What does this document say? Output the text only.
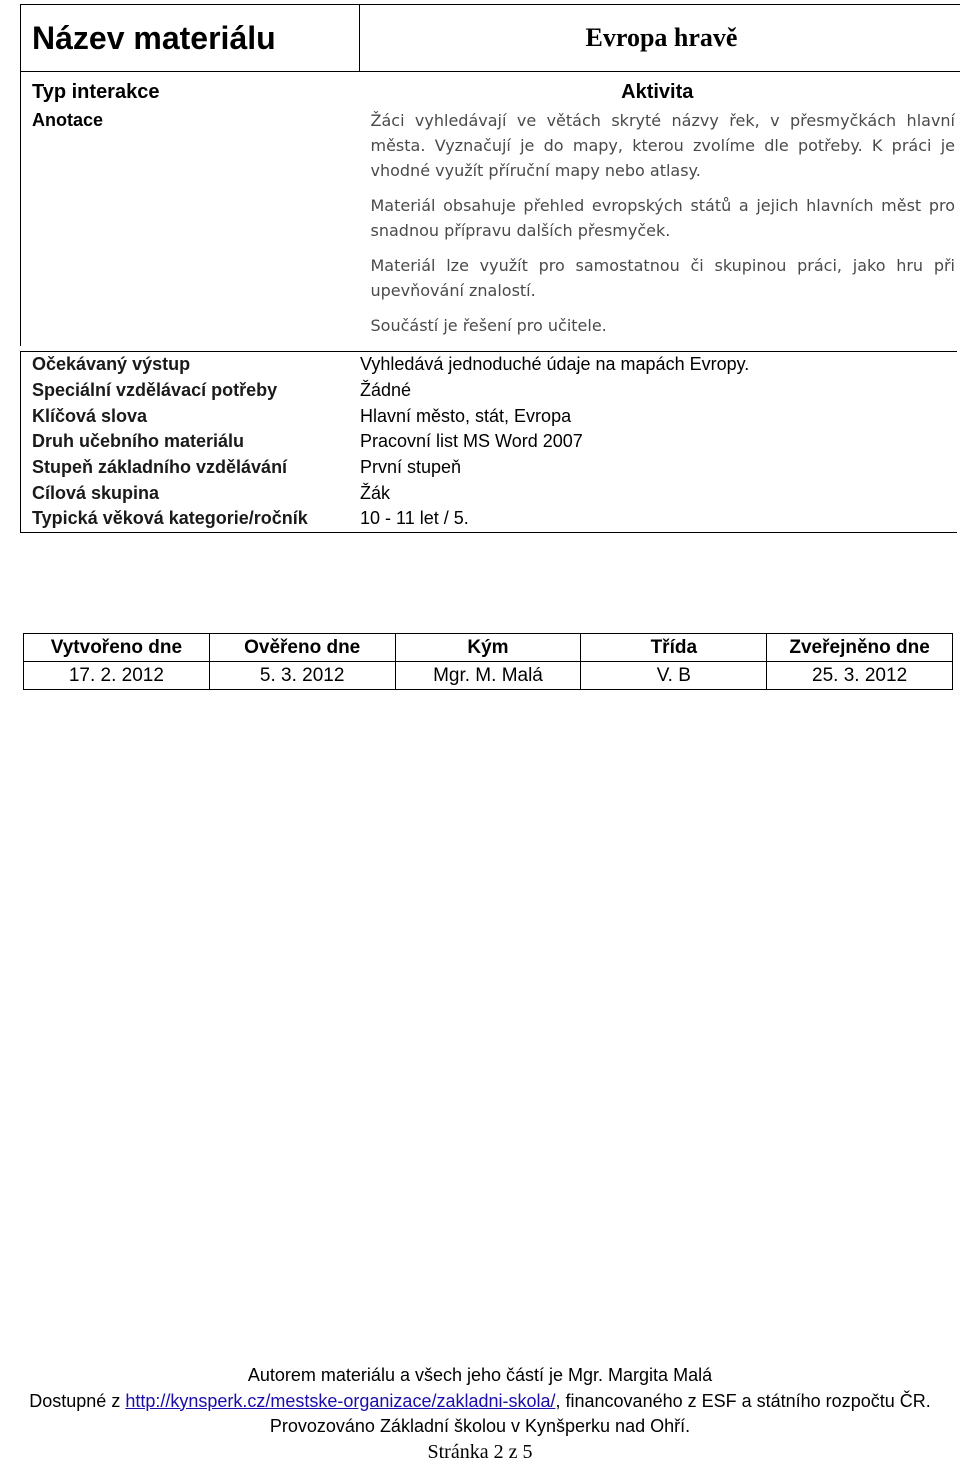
Název materiálu	Evropa hravě

Typ interakce	Aktivita

Anotace	Žáci vyhledávají ve větách skryté názvy řek, v přesmyčkách hlavní města. Vyznačují je do mapy, kterou zvolíme dle potřeby. K práci je vhodné využít příruční mapy nebo atlasy.

Materiál obsahuje přehled evropských států a jejich hlavních měst pro snadnou přípravu dalších přesmyček.

Materiál lze využít pro samostatnou či skupinou práci, jako hru při upevňování znalostí.

Součástí je řešení pro učitele.

Očekávaný výstup	Vyhledává jednoduché údaje na mapách Evropy.
Speciální vzdělávací potřeby	Žádné
Klíčová slova	Hlavní město, stát, Evropa
Druh učebního materiálu	Pracovní list MS Word 2007
Stupeň základního vzdělávání	První stupeň
Cílová skupina	Žák
Typická věková kategorie/ročník	10 - 11 let / 5.
Vytvořeno dne	Ověřeno dne	Kým	Třída	Zveřejněno dne
17. 2. 2012	5. 3. 2012	Mgr. M. Malá	V. B	25. 3. 2012
Autorem materiálu a všech jeho částí je Mgr. Margita Malá
Dostupné z http://kynsperk.cz/mestske-organizace/zakladni-skola/, financovaného z ESF a státního rozpočtu ČR.
Provozováno Základní školou v Kynšperku nad Ohří.
Stránka 2 z 5
